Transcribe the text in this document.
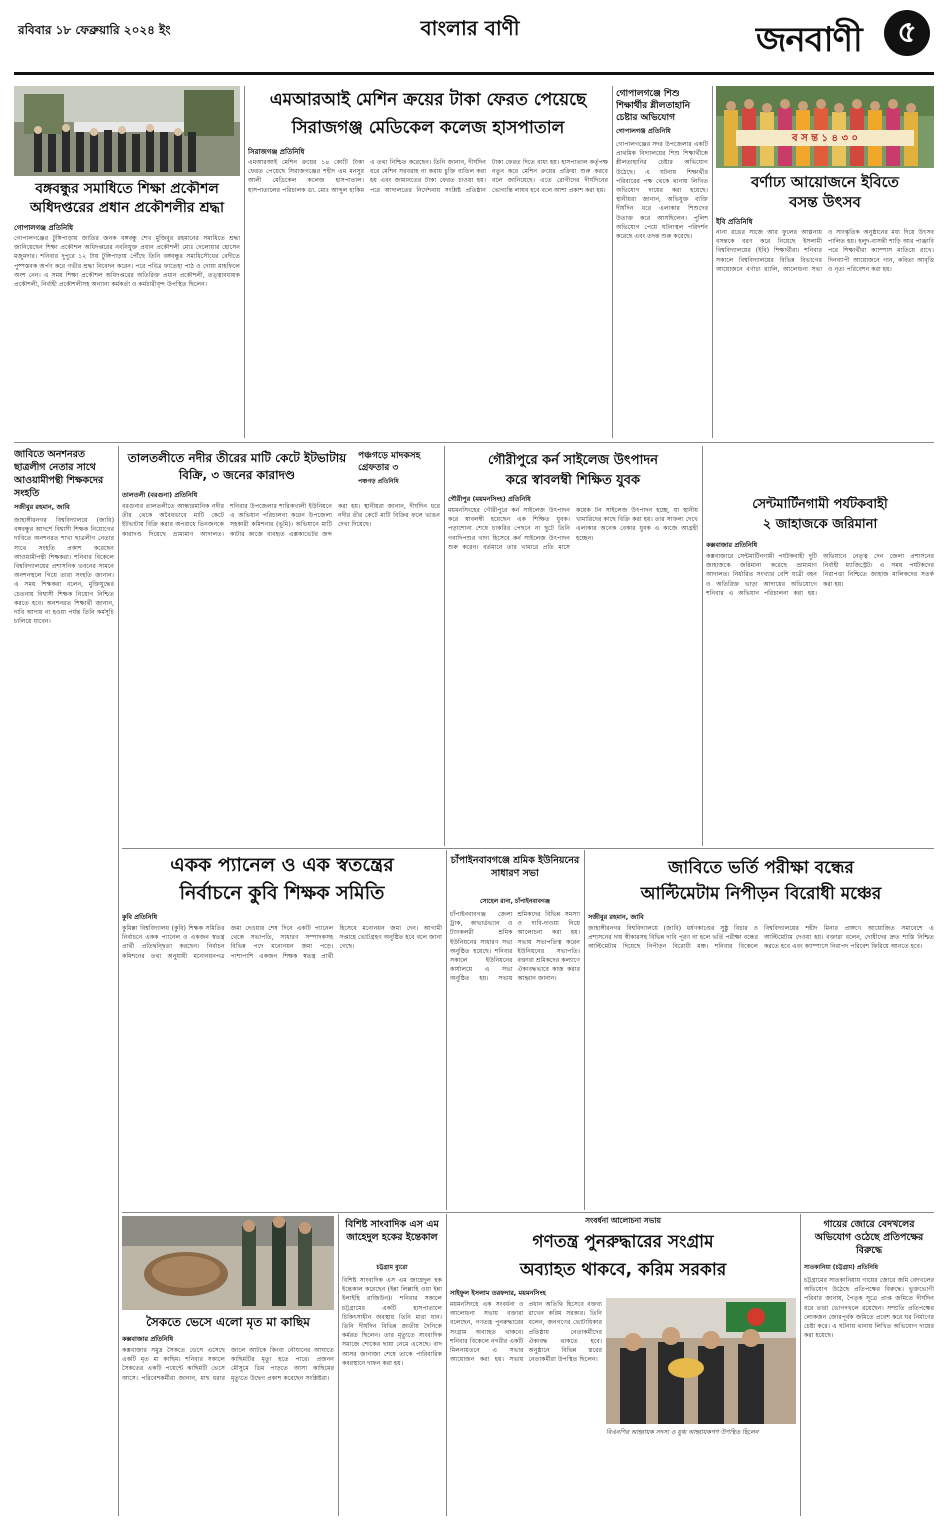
রবিবার ১৮ ফেব্রুয়ারি ২০২৪ ইং	বাংলার বাণী	জনবাণী	৫
বঙ্গবন্ধুর সমাধিতে শিক্ষা প্রকৌশল অধিদপ্তরের প্রধান প্রকৌশলীর শ্রদ্ধা
গোপালগঞ্জ প্রতিনিধি
গোপালগঞ্জের টুঙ্গিপাড়ায় জাতির জনক বঙ্গবন্ধু শেখ মুজিবুর রহমানের সমাধিতে শ্রদ্ধা জানিয়েছেন শিক্ষা প্রকৌশল অধিদপ্তরের নবনিযুক্ত প্রধান প্রকৌশলী মোঃ দেলোয়ার হোসেন মজুমদার। শনিবার দুপুরে ১২ টায় টুঙ্গিপাড়ায় পৌঁছে তিনি বঙ্গবন্ধুর সমাধিসৌধের বেদীতে পুষ্পস্তবক অর্পণ করে গভীর শ্রদ্ধা নিবেদন করেন। পরে পবিত্র ফাতেহা পাঠ ও দোয়া মাহফিলে অংশ নেন। এ সময় শিক্ষা প্রকৌশল অধিদপ্তরের অতিরিক্ত প্রধান প্রকৌশলী, তত্ত্বাবধায়ক প্রকৌশলী, নির্বাহী প্রকৌশলীসহ অন্যান্য কর্মকর্তা ও কর্মচারীবৃন্দ উপস্থিত ছিলেন।
এমআরআই মেশিন ক্রয়ের টাকা ফেরত পেয়েছে
সিরাজগঞ্জ মেডিকেল কলেজ হাসপাতাল
সিরাজগঞ্জ প্রতিনিধি
এমআরআই মেশিন ক্রয়ের ১৪ কোটি টাকা ফেরত পেয়েছে সিরাজগঞ্জের শহীদ এম মনসুর আলী মেডিকেল কলেজ হাসপাতাল। হাসপাতালের পরিচালক ডা. মোঃ আব্দুল হাকিম এ তথ্য নিশ্চিত করেছেন। তিনি জানান, দীর্ঘদিন ধরে মেশিন সরবরাহ না করায় চুক্তি বাতিল করা হয় এবং জামানতের টাকা ফেরত চাওয়া হয়। পরে আদালতের নির্দেশনায় সংশ্লিষ্ট প্রতিষ্ঠান টাকা ফেরত দিতে বাধ্য হয়। হাসপাতাল কর্তৃপক্ষ নতুন করে মেশিন ক্রয়ের প্রক্রিয়া শুরু করবে বলে জানিয়েছে। এতে রোগীদের দীর্ঘদিনের ভোগান্তি লাঘব হবে বলে আশা প্রকাশ করা হয়।
গোপালগঞ্জে শিশু শিক্ষার্থীর শ্লীলতাহানি চেষ্টার অভিযোগ
গোপালগঞ্জ প্রতিনিধি
গোপালগঞ্জের সদর উপজেলার একটি প্রাথমিক বিদ্যালয়ের শিশু শিক্ষার্থীকে শ্লীলতাহানির চেষ্টার অভিযোগ উঠেছে। এ ঘটনায় শিক্ষার্থীর পরিবারের পক্ষ থেকে থানায় লিখিত অভিযোগ দায়ের করা হয়েছে। স্থানীয়রা জানান, অভিযুক্ত ব্যক্তি দীর্ঘদিন ধরে এলাকার শিশুদের উত্যক্ত করে আসছিলেন। পুলিশ অভিযোগ পেয়ে ঘটনাস্থল পরিদর্শন করেছে এবং তদন্ত শুরু করেছে।
ব স ন্ত ১ ৪ ৩ ০
বর্ণাঢ্য আয়োজনে ইবিতে
বসন্ত উৎসব
ইবি প্রতিনিধি
নানা রঙের সাজে আর ফুলের আল্পনায় বসন্তকে বরণ করে নিয়েছে ইসলামী বিশ্ববিদ্যালয়ের (ইবি) শিক্ষার্থীরা। শনিবার সকালে বিশ্ববিদ্যালয়ের বিভিন্ন বিভাগের আয়োজনে বর্ণাঢ্য র‍্যালি, আলোচনা সভা ও সাংস্কৃতিক অনুষ্ঠানের মধ্য দিয়ে উৎসব পালিত হয়। হলুদ-বাসন্তী শাড়ি আর পাঞ্জাবি পরে শিক্ষার্থীরা ক্যাম্পাস মাতিয়ে রাখে। দিনব্যাপী আয়োজনে গান, কবিতা আবৃত্তি ও নৃত্য পরিবেশন করা হয়।
জাবিতে অনশনরত ছাত্রলীগ নেতার সাথে আওয়ামীপন্থী শিক্ষকদের সংহতি
সজীবুর রহমান, জাবি
জাহাঙ্গীরনগর বিশ্ববিদ্যালয়ে (জাবি) বঙ্গবন্ধুর আদর্শে বিশ্বাসী শিক্ষক নিয়োগের দাবিতে অনশনরত শাখা ছাত্রলীগ নেতার সাথে সংহতি প্রকাশ করেছেন আওয়ামীপন্থী শিক্ষকরা। শনিবার বিকেলে বিশ্ববিদ্যালয়ের প্রশাসনিক ভবনের সামনে অনশনস্থলে গিয়ে তারা সংহতি জানান। এ সময় শিক্ষকরা বলেন, মুক্তিযুদ্ধের চেতনায় বিশ্বাসী শিক্ষক নিয়োগ নিশ্চিত করতে হবে। অনশনরত শিক্ষার্থী জানান, দাবি আদায় না হওয়া পর্যন্ত তিনি কর্মসূচি চালিয়ে যাবেন।
তালতলীতে নদীর তীরের মাটি কেটে ইটভাটায় বিক্রি, ৩ জনের কারাদণ্ড
তালতলী (বরগুনা) প্রতিনিধি
বরগুনার তালতলীতে আন্ধারমানিক নদীর তীর থেকে অবৈধভাবে মাটি কেটে ইটভাটায় বিক্রি করার অপরাধে তিনজনকে কারাদণ্ড দিয়েছে ভ্রাম্যমাণ আদালত। শনিবার উপজেলার শারিকখালী ইউনিয়নে এ অভিযান পরিচালনা করেন উপজেলা সহকারী কমিশনার (ভূমি)। অভিযানে মাটি কাটার কাজে ব্যবহৃত এক্সকাভেটর জব্দ করা হয়। স্থানীয়রা জানান, দীর্ঘদিন ধরে নদীর তীর কেটে মাটি বিক্রির ফলে ভাঙন দেখা দিয়েছে।
পঞ্চগড়ে মাদকসহ গ্রেফতার ৩
পঞ্চগড় প্রতিনিধি
গৌরীপুরে কর্ন সাইলেজ উৎপাদন
করে স্বাবলম্বী শিক্ষিত যুবক
গৌরীপুর (ময়মনসিংহ) প্রতিনিধি
ময়মনসিংহের গৌরীপুরে কর্ন সাইলেজ উৎপাদন করে স্বাবলম্বী হয়েছেন এক শিক্ষিত যুবক। পড়াশোনা শেষে চাকরির পেছনে না ছুটে তিনি গবাদিপশুর খাদ্য হিসেবে কর্ন সাইলেজ উৎপাদন শুরু করেন। বর্তমানে তার খামারে প্রতি মাসে কয়েক টন সাইলেজ উৎপাদন হচ্ছে, যা স্থানীয় খামারিদের কাছে বিক্রি করা হয়। তার সাফল্য দেখে এলাকার অনেক বেকার যুবক এ কাজে আগ্রহী হচ্ছেন।
সেন্টমার্টিনগামী পর্যটকবাহী
২ জাহাজকে জরিমানা
কক্সবাজার প্রতিনিধি
কক্সবাজারে সেন্টমার্টিনগামী পর্যটকবাহী দুটি জাহাজকে জরিমানা করেছে ভ্রাম্যমাণ আদালত। নির্ধারিত সংখ্যার বেশি যাত্রী বহন ও অতিরিক্ত ভাড়া আদায়ের অভিযোগে শনিবার এ অভিযান পরিচালনা করা হয়। অভিযানে নেতৃত্ব দেন জেলা প্রশাসনের নির্বাহী ম্যাজিস্ট্রেট। এ সময় পর্যটকদের নিরাপত্তা নিশ্চিতে জাহাজ মালিকদের সতর্ক করা হয়।
একক প্যানেল ও এক স্বতন্ত্রের
নির্বাচনে কুবি শিক্ষক সমিতি
কুবি প্রতিনিধি
কুমিল্লা বিশ্ববিদ্যালয় (কুবি) শিক্ষক সমিতির নির্বাচনে একক প্যানেল ও একজন স্বতন্ত্র প্রার্থী প্রতিদ্বন্দ্বিতা করছেন। নির্বাচন কমিশনের তথ্য অনুযায়ী মনোনয়নপত্র জমা দেওয়ার শেষ দিনে একটি প্যানেল থেকে সভাপতি, সাধারণ সম্পাদকসহ বিভিন্ন পদে মনোনয়ন জমা পড়ে। পাশাপাশি একজন শিক্ষক স্বতন্ত্র প্রার্থী হিসেবে মনোনয়ন জমা দেন। আগামী সপ্তাহে ভোটগ্রহণ অনুষ্ঠিত হবে বলে জানা গেছে।
চাঁপাইনবাবগঞ্জে শ্রমিক ইউনিয়নের সাধারণ সভা
সোহেল রানা, চাঁপাইনবাবগঞ্জ
চাঁপাইনবাবগঞ্জ জেলা ট্রাক, কাভার্ডভ্যান ও ট্যাংকলরী শ্রমিক ইউনিয়নের সাধারণ সভা অনুষ্ঠিত হয়েছে। শনিবার সকালে ইউনিয়নের কার্যালয়ে এ সভা অনুষ্ঠিত হয়। সভায় শ্রমিকদের বিভিন্ন সমস্যা ও দাবি-দাওয়া নিয়ে আলোচনা করা হয়। সভায় সভাপতিত্ব করেন ইউনিয়নের সভাপতি। বক্তারা শ্রমিকদের কল্যাণে ঐক্যবদ্ধভাবে কাজ করার আহ্বান জানান।
জাবিতে ভর্তি পরীক্ষা বন্ধের
আল্টিমেটাম নিপীড়ন বিরোধী মঞ্চের
সজীবুর রহমান, জাবি
জাহাঙ্গীরনগর বিশ্ববিদ্যালয়ে (জাবি) ধর্ষণকাণ্ডের সুষ্ঠু বিচার ও প্রশাসনের দায় স্বীকারসহ বিভিন্ন দাবি পূরণ না হলে ভর্তি পরীক্ষা বন্ধের আল্টিমেটাম দিয়েছে নিপীড়ন বিরোধী মঞ্চ। শনিবার বিকেলে বিশ্ববিদ্যালয়ের শহীদ মিনার প্রাঙ্গণে আয়োজিত সমাবেশে এ আল্টিমেটাম দেওয়া হয়। বক্তারা বলেন, দোষীদের দ্রুত শাস্তি নিশ্চিত করতে হবে এবং ক্যাম্পাসে নিরাপদ পরিবেশ ফিরিয়ে আনতে হবে।
সৈকতে ভেসে এলো মৃত মা কাছিম
কক্সবাজার প্রতিনিধি
কক্সবাজার সমুদ্র সৈকতে ভেসে এসেছে একটি মৃত মা কাছিম। শনিবার সকালে সৈকতের একটি পয়েন্টে কাছিমটি ভেসে আসে। পরিবেশকর্মীরা জানান, মাছ ধরার জালে আটকে কিংবা নৌযানের আঘাতে কাছিমটির মৃত্যু হতে পারে। প্রজনন মৌসুমে ডিম পাড়তে আসা কাছিমের মৃত্যুতে উদ্বেগ প্রকাশ করেছেন সংশ্লিষ্টরা।
বিশিষ্ট সাংবাদিক এস এম জাহেদুল হকের ইন্তেকাল
চট্টগ্রাম ব্যুরো
বিশিষ্ট সাংবাদিক এস এম জাহেদুল হক ইন্তেকাল করেছেন (ইন্না লিল্লাহি ওয়া ইন্না ইলাইহি রাজিউন)। শনিবার সকালে চট্টগ্রামের একটি হাসপাতালে চিকিৎসাধীন অবস্থায় তিনি মারা যান। তিনি দীর্ঘদিন বিভিন্ন জাতীয় দৈনিকে কর্মরত ছিলেন। তার মৃত্যুতে সাংবাদিক সমাজে শোকের ছায়া নেমে এসেছে। বাদ আসর জানাজা শেষে তাকে পারিবারিক কবরস্থানে দাফন করা হয়।
সংবর্ধনা আলোচনা সভায়
গণতন্ত্র পুনরুদ্ধারের সংগ্রাম
অব্যাহত থাকবে, করিম সরকার
সাইফুল ইসলাম তরফদার, ময়মনসিংহ
ময়মনসিংহে এক সংবর্ধনা ও আলোচনা সভায় বক্তারা বলেছেন, গণতন্ত্র পুনরুদ্ধারের সংগ্রাম অব্যাহত থাকবে। শনিবার বিকেলে নগরীর একটি মিলনায়তনে এ সভার আয়োজন করা হয়। সভায় প্রধান অতিথি হিসেবে বক্তব্য রাখেন করিম সরকার। তিনি বলেন, জনগণের ভোটাধিকার প্রতিষ্ঠায় নেতাকর্মীদের ঐক্যবদ্ধ থাকতে হবে। অনুষ্ঠানে বিভিন্ন স্তরের নেতাকর্মীরা উপস্থিত ছিলেন।
বিএনপির আহ্বায়ক সদস্য ও যুগ্ম আহ্বায়কগণ উপস্থিত ছিলেন
গায়ের জোরে বেদখলের অভিযোগ ওঠেছে প্রতিপক্ষের বিরুদ্ধে
সাতকানিয়া (চট্টগ্রাম) প্রতিনিধি
চট্টগ্রামের সাতকানিয়ায় গায়ের জোরে জমি বেদখলের অভিযোগ উঠেছে প্রতিপক্ষের বিরুদ্ধে। ভুক্তভোগী পরিবার জানায়, পৈতৃক সূত্রে প্রাপ্ত জমিতে দীর্ঘদিন ধরে তারা ভোগদখলে রয়েছেন। সম্প্রতি প্রতিপক্ষের লোকজন জোরপূর্বক জমিতে প্রবেশ করে ঘর নির্মাণের চেষ্টা করে। এ ঘটনায় থানায় লিখিত অভিযোগ দায়ের করা হয়েছে।
